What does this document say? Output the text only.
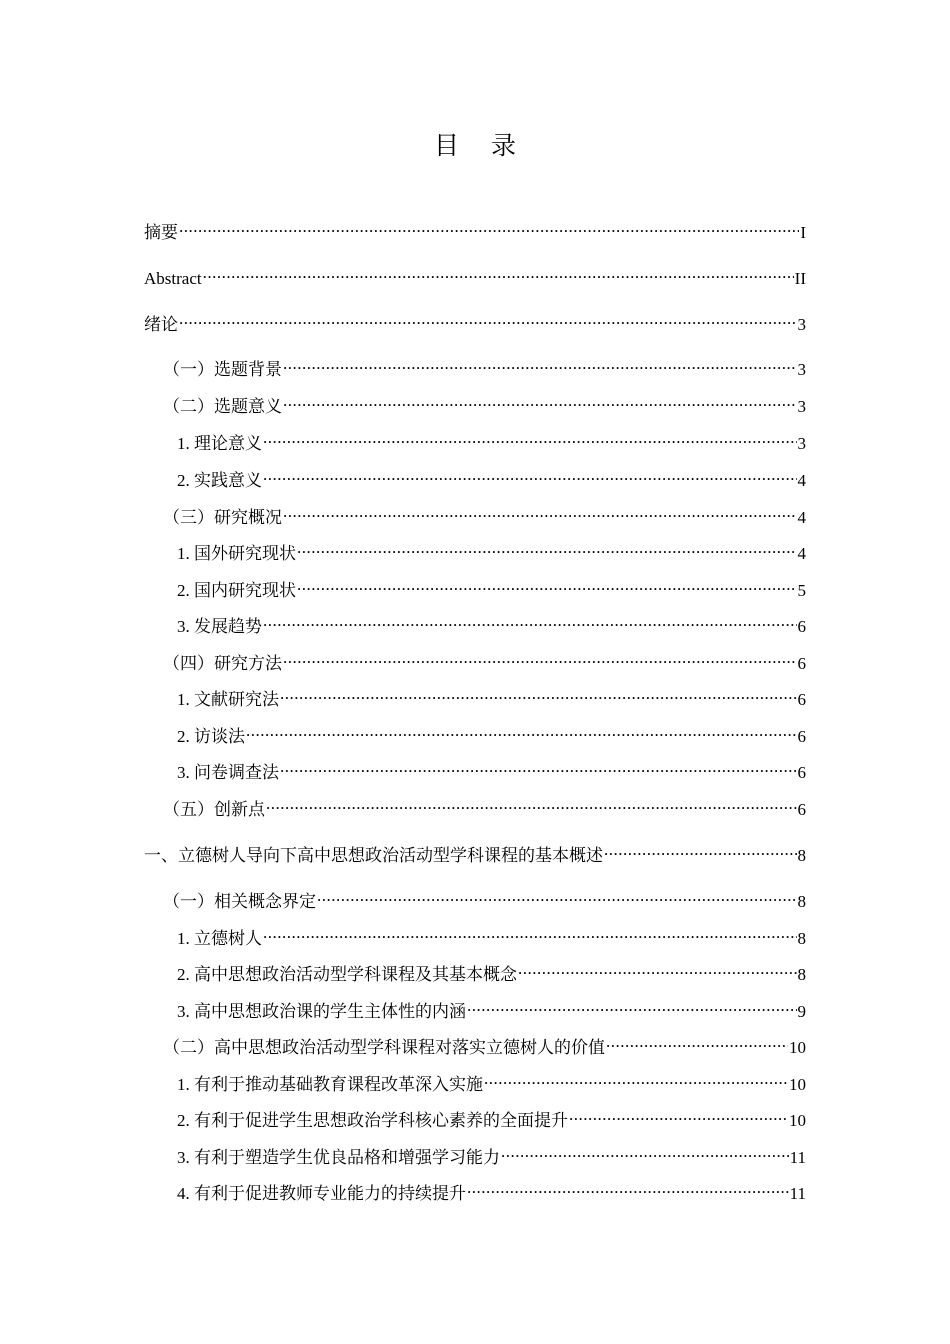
目 录
摘要 .....	I
Abstract .....	II
绪论 .....	3
（一）选题背景 .....	3
（二）选题意义 .....	3
1. 理论意义 .....	3
2. 实践意义 .....	4
（三）研究概况 .....	4
1. 国外研究现状 .....	4
2. 国内研究现状 .....	5
3. 发展趋势 .....	6
（四）研究方法 .....	6
1. 文献研究法 .....	6
2. 访谈法 .....	6
3. 问卷调查法 .....	6
（五）创新点 .....	6
一、立德树人导向下高中思想政治活动型学科课程的基本概述 .....	8
（一）相关概念界定 .....	8
1. 立德树人 .....	8
2. 高中思想政治活动型学科课程及其基本概念 .....	8
3. 高中思想政治课的学生主体性的内涵 .....	9
（二）高中思想政治活动型学科课程对落实立德树人的价值 .....	10
1. 有利于推动基础教育课程改革深入实施 .....	10
2. 有利于促进学生思想政治学科核心素养的全面提升 .....	10
3. 有利于塑造学生优良品格和增强学习能力 .....	11
4. 有利于促进教师专业能力的持续提升 .....	11
